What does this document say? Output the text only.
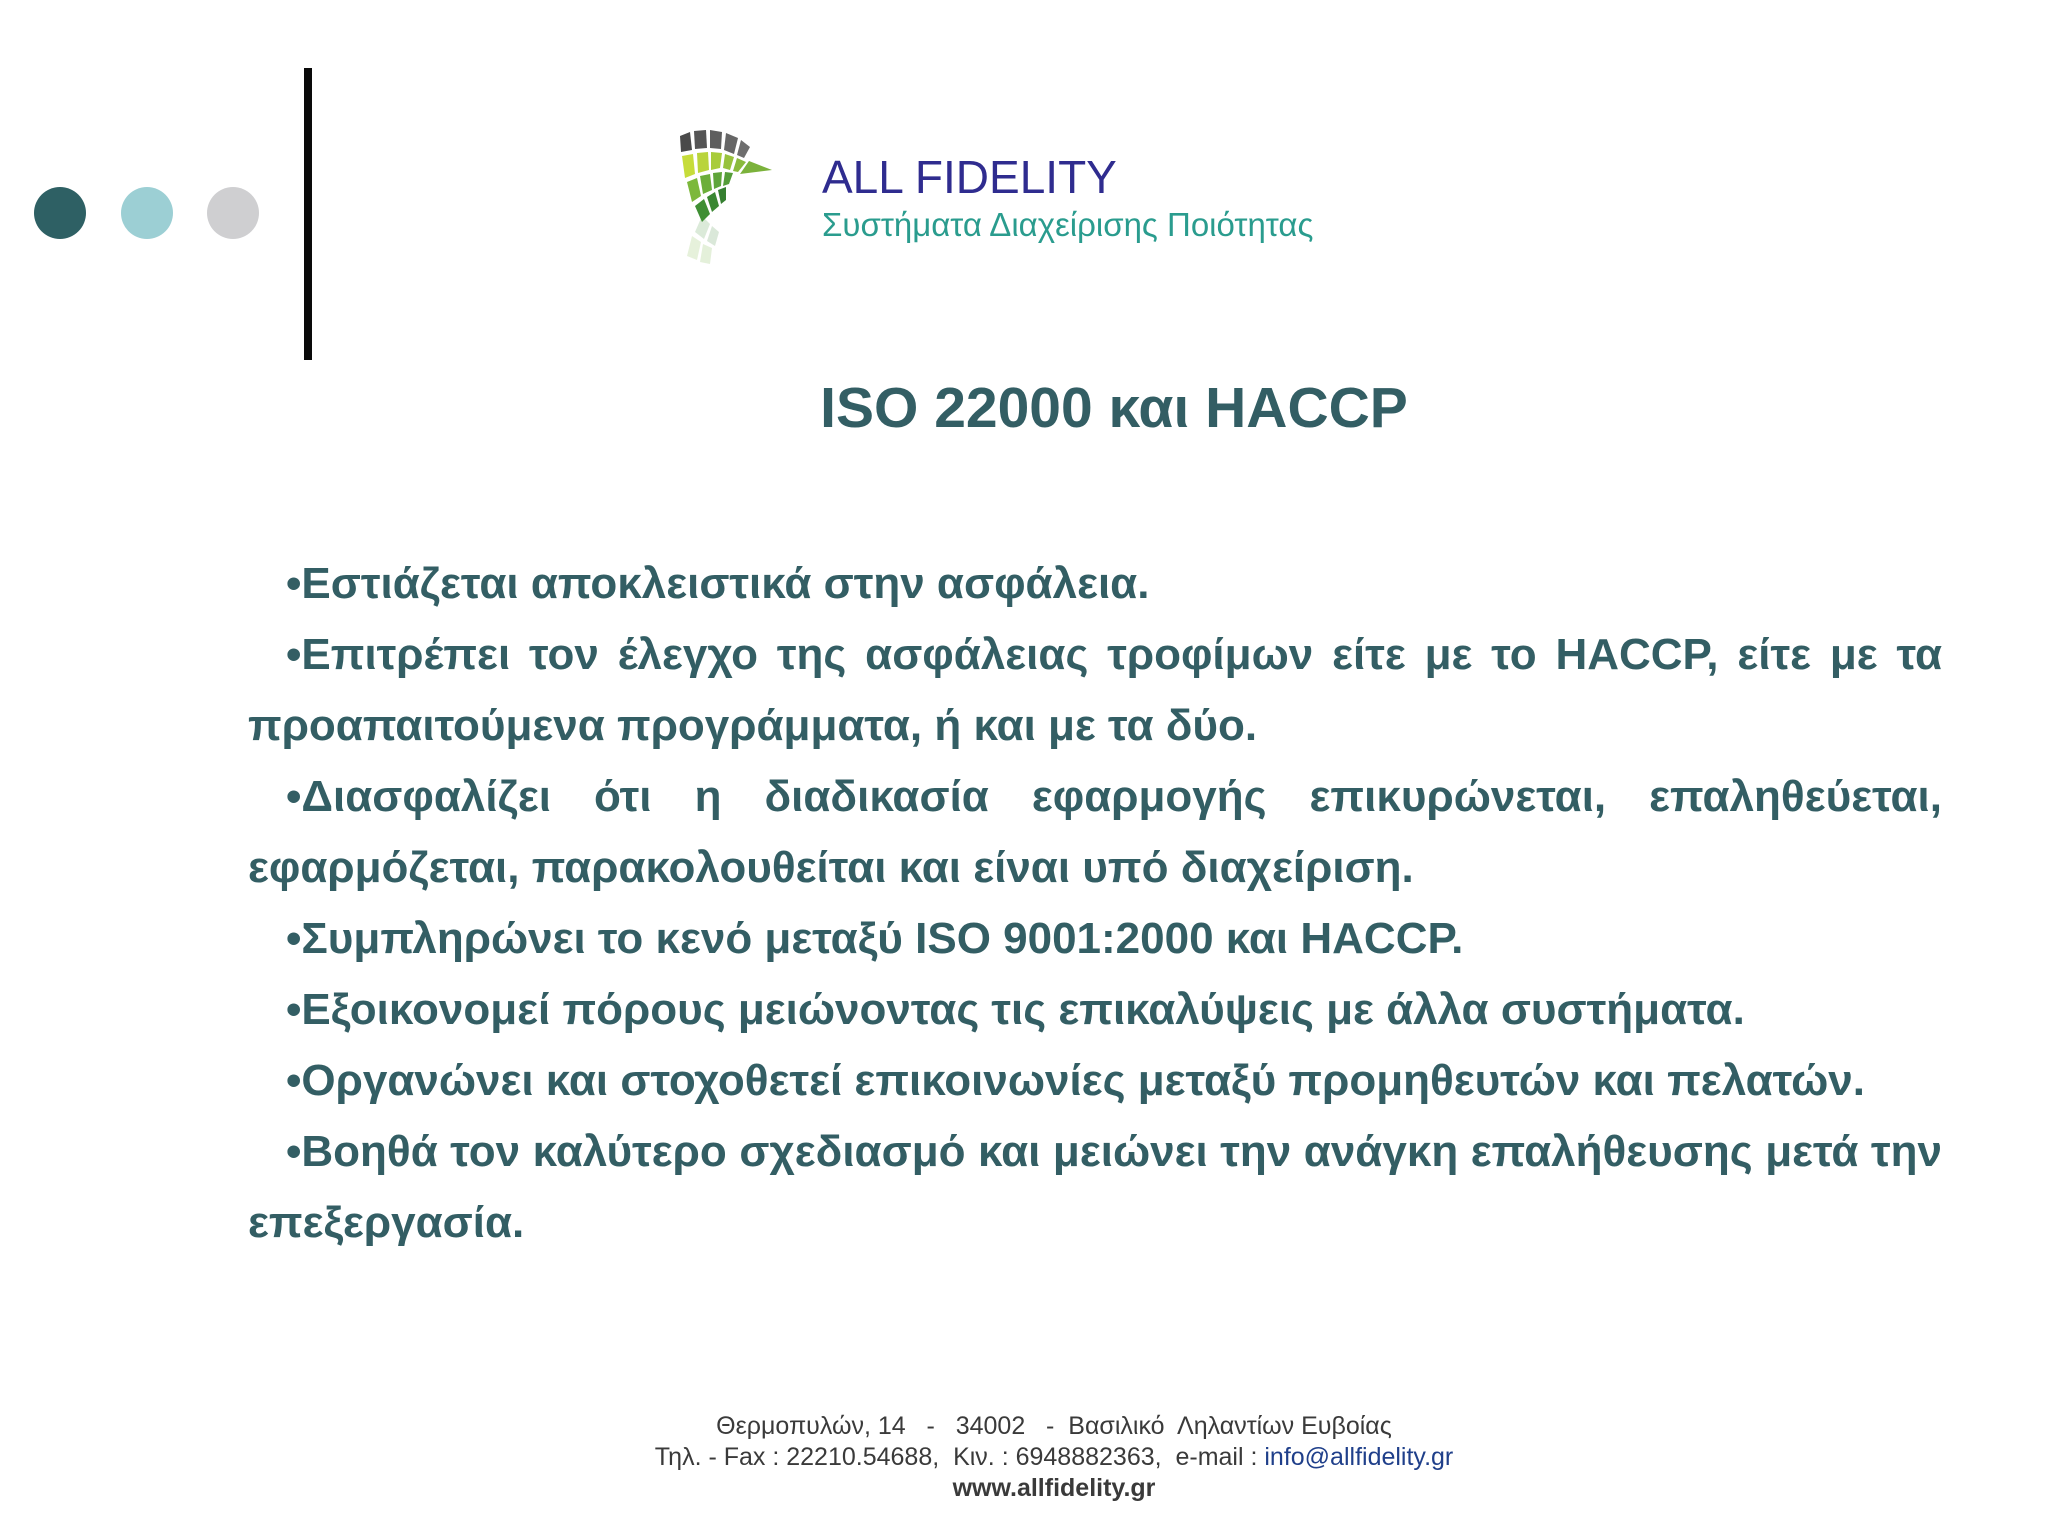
ALL FIDELITY
Συστήματα Διαχείρισης Ποιότητας
ISO 22000 και HACCP
•Εστιάζεται αποκλειστικά στην ασφάλεια.
•Επιτρέπει τον έλεγχο της ασφάλειας τροφίμων είτε με το HACCP, είτε με τα προαπαιτούμενα προγράμματα, ή και με τα δύο.
•Διασφαλίζει ότι η διαδικασία εφαρμογής επικυρώνεται, επαληθεύεται, εφαρμόζεται, παρακολουθείται και είναι υπό διαχείριση.
•Συμπληρώνει το κενό μεταξύ ISO 9001:2000 και HACCP.
•Εξοικονομεί πόρους μειώνοντας τις επικαλύψεις με άλλα συστήματα.
•Οργανώνει και στοχοθετεί επικοινωνίες μεταξύ προμηθευτών και πελατών.
•Βοηθά τον καλύτερο σχεδιασμό και μειώνει την ανάγκη επαλήθευσης μετά την επεξεργασία.
Θερμοπυλών, 14   -   34002   -  Βασιλικό  Ληλαντίων Ευβοίας
Τηλ. - Fax : 22210.54688,  Κιν. : 6948882363,  e-mail : info@allfidelity.gr
www.allfidelity.gr
